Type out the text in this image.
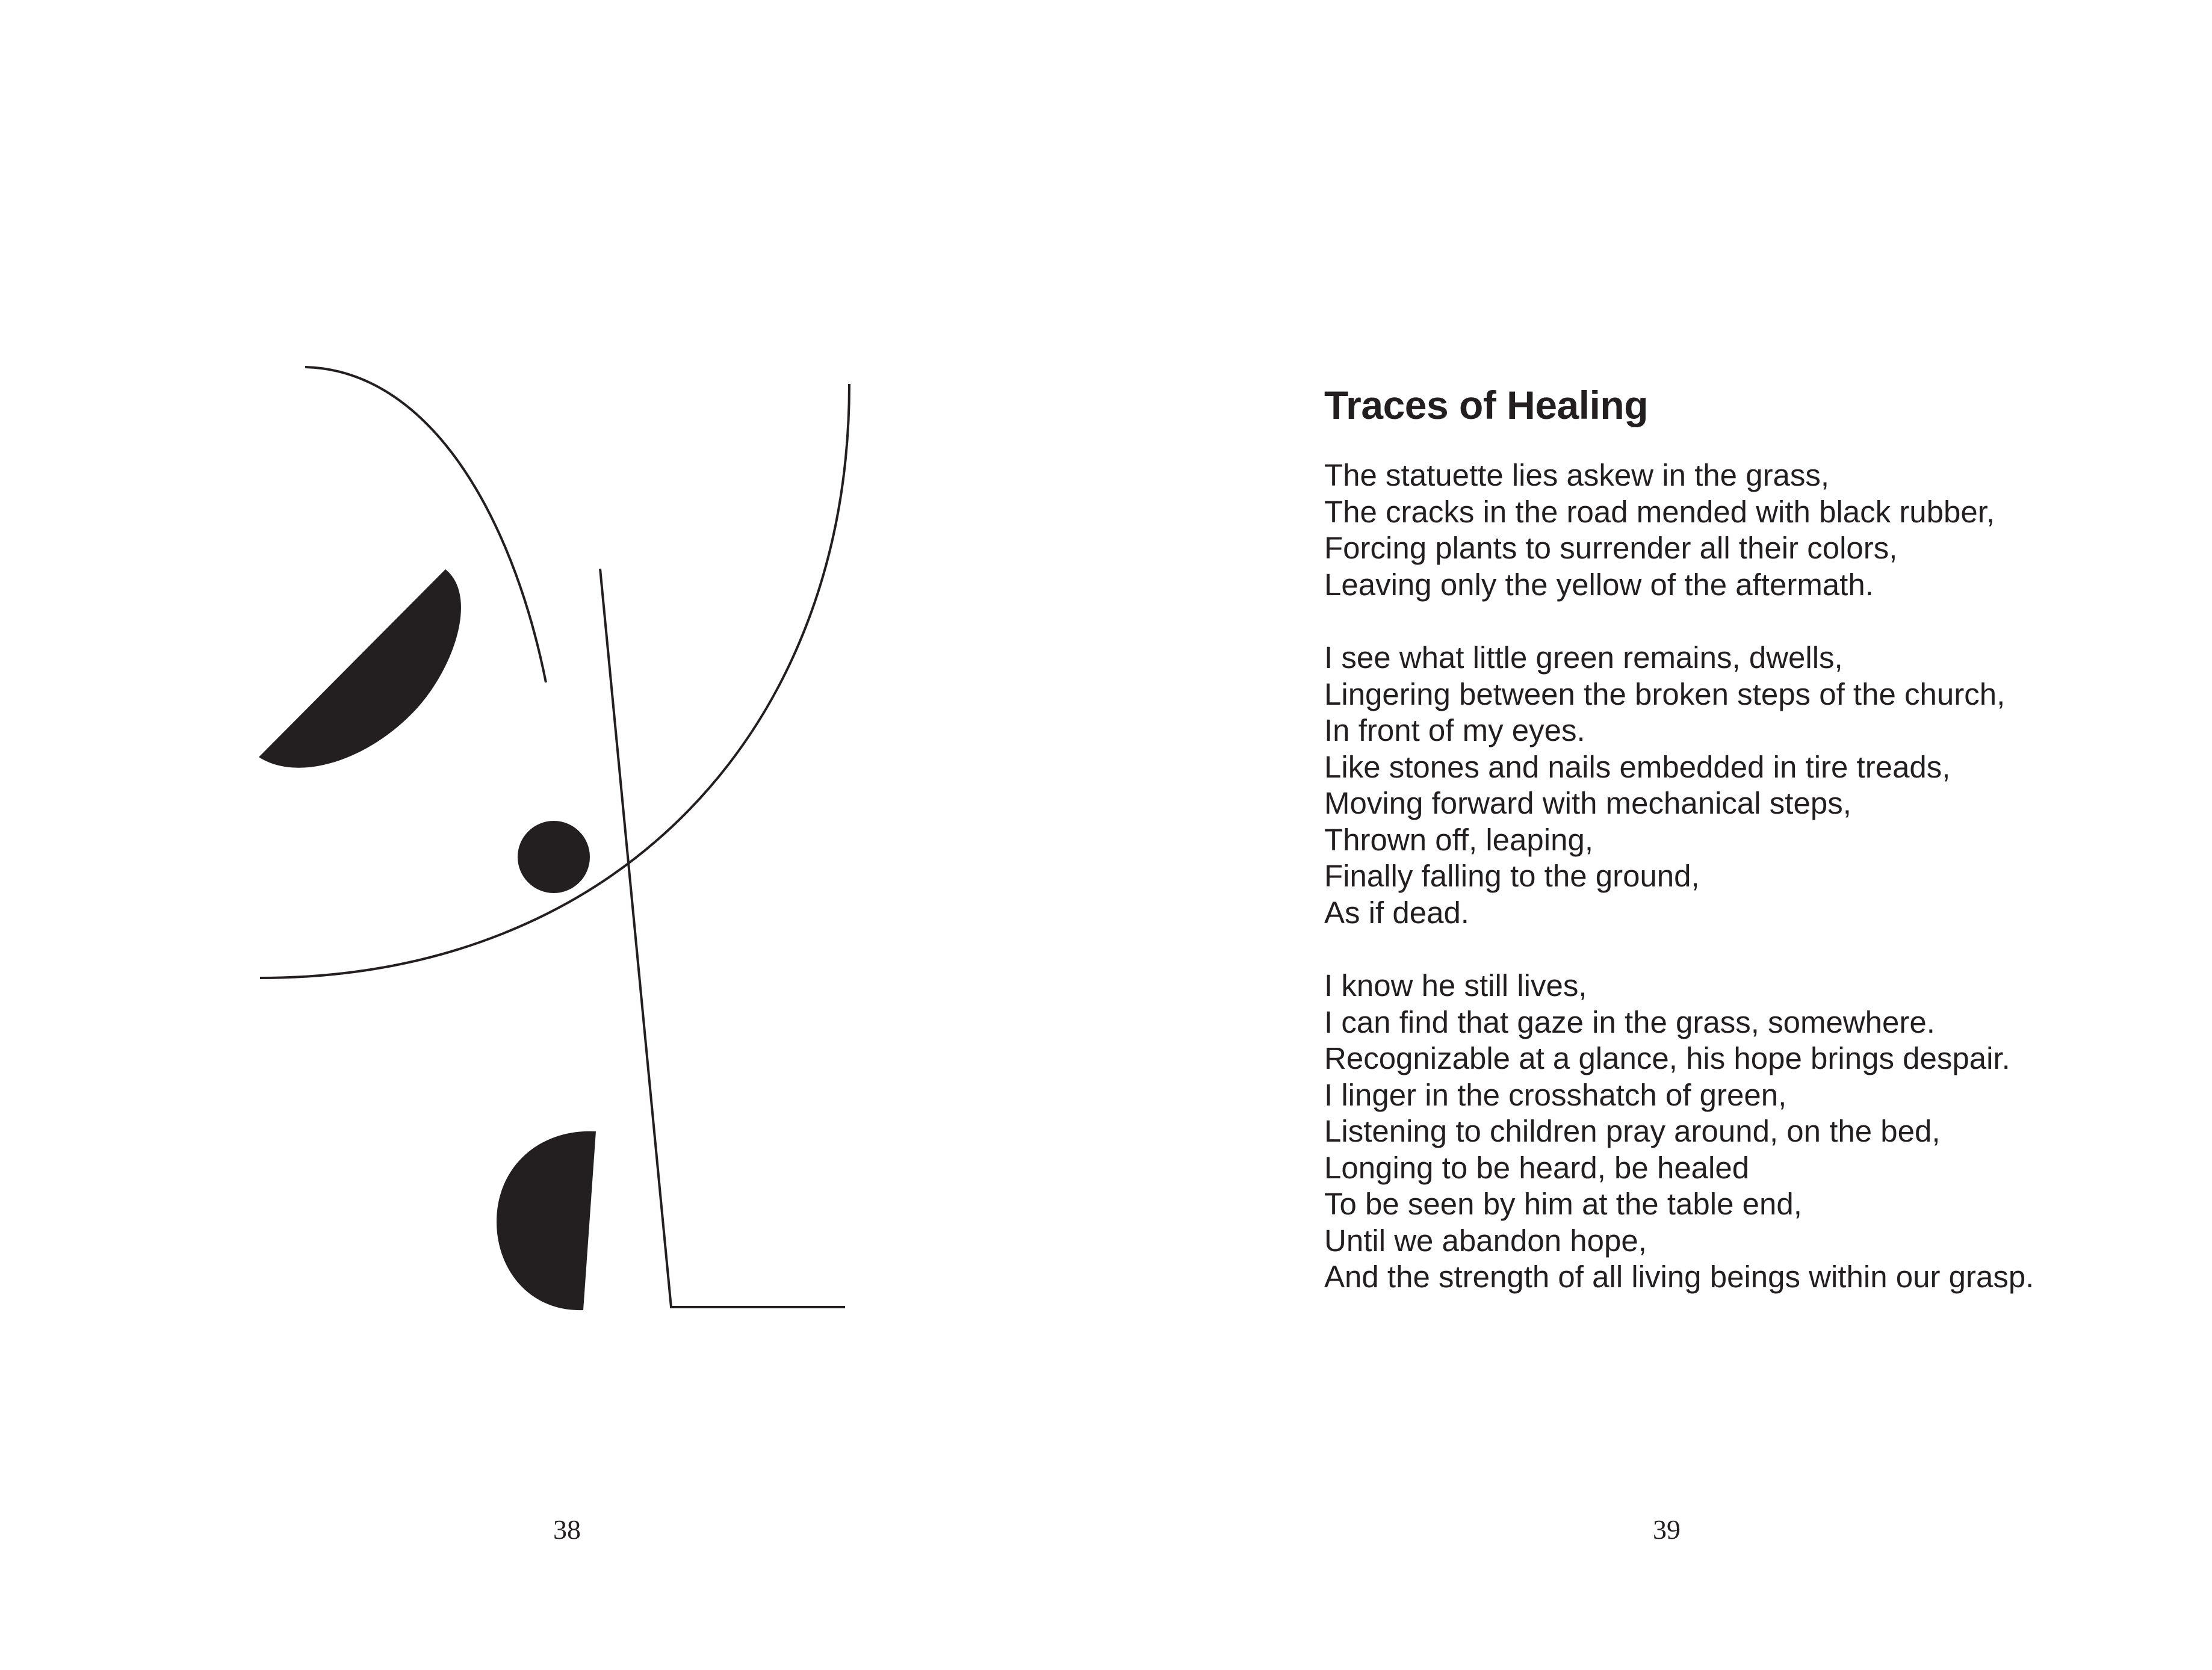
38
Traces of Healing
The statuette lies askew in the grass,
The cracks in the road mended with black rubber,
Forcing plants to surrender all their colors,
Leaving only the yellow of the aftermath.
I see what little green remains, dwells,
Lingering between the broken steps of the church,
In front of my eyes.
Like stones and nails embedded in tire treads,
Moving forward with mechanical steps,
Thrown off, leaping,
Finally falling to the ground,
As if dead.
I know he still lives,
I can find that gaze in the grass, somewhere.
Recognizable at a glance, his hope brings despair.
I linger in the crosshatch of green,
Listening to children pray around, on the bed,
Longing to be heard, be healed
To be seen by him at the table end,
Until we abandon hope,
And the strength of all living beings within our grasp.
39
